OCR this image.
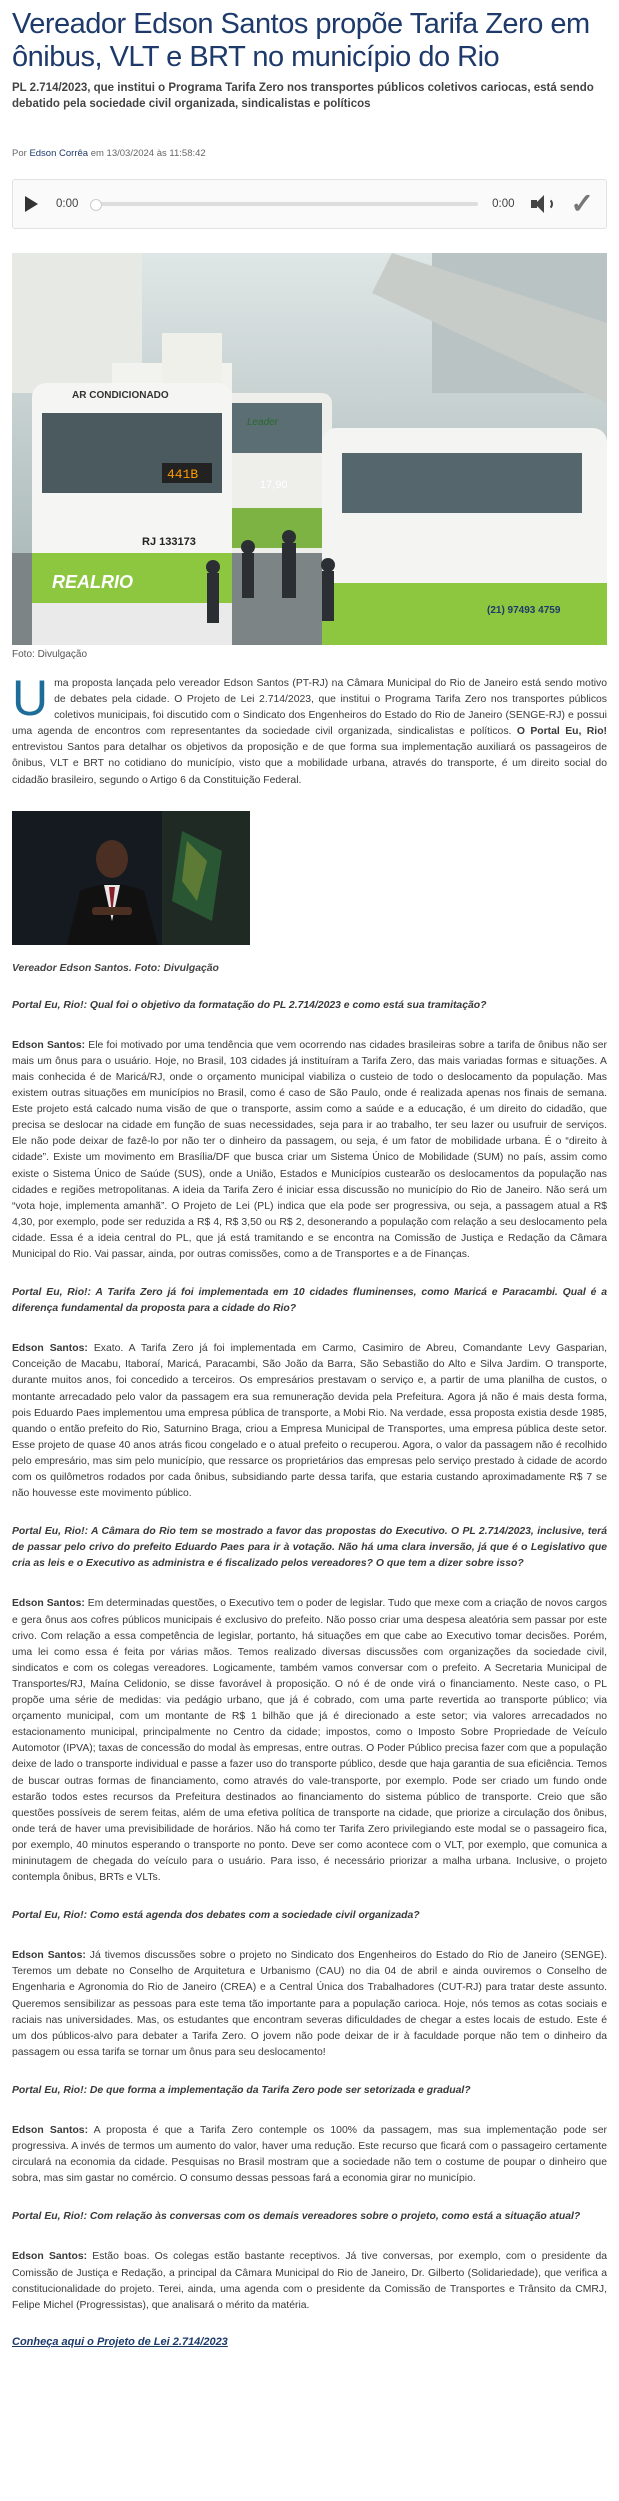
Vereador Edson Santos propõe Tarifa Zero em ônibus, VLT e BRT no município do Rio

PL 2.714/2023, que institui o Programa Tarifa Zero nos transportes públicos coletivos cariocas, está sendo debatido pela sociedade civil organizada, sindicalistas e políticos

Por Edson Corrêa em 13/03/2024 às 11:58:42
0:00	0:00 ✓
AR CONDICIONADO
441B
RJ 133173
REALRIO
Leader
17,90
(21) 97493 4759
Foto: Divulgação

U ma proposta lançada pelo vereador Edson Santos (PT-RJ) na Câmara Municipal do Rio de Janeiro está sendo motivo de debates pela cidade. O Projeto de Lei 2.714/2023, que institui o Programa Tarifa Zero nos transportes públicos coletivos municipais, foi discutido com o Sindicato dos Engenheiros do Estado do Rio de Janeiro (SENGE-RJ) e possui uma agenda de encontros com representantes da sociedade civil organizada, sindicalistas e políticos. O Portal Eu, Rio! entrevistou Santos para detalhar os objetivos da proposição e de que forma sua implementação auxiliará os passageiros de ônibus, VLT e BRT no cotidiano do município, visto que a mobilidade urbana, através do transporte, é um direito social do cidadão brasileiro, segundo o Artigo 6 da Constituição Federal.

Vereador Edson Santos. Foto: Divulgação

Portal Eu, Rio!: Qual foi o objetivo da formatação do PL 2.714/2023 e como está sua tramitação?

Edson Santos: Ele foi motivado por uma tendência que vem ocorrendo nas cidades brasileiras sobre a tarifa de ônibus não ser mais um ônus para o usuário. Hoje, no Brasil, 103 cidades já instituíram a Tarifa Zero, das mais variadas formas e situações. A mais conhecida é de Maricá/RJ, onde o orçamento municipal viabiliza o custeio de todo o deslocamento da população. Mas existem outras situações em municípios no Brasil, como é caso de São Paulo, onde é realizada apenas nos finais de semana. Este projeto está calcado numa visão de que o transporte, assim como a saúde e a educação, é um direito do cidadão, que precisa se deslocar na cidade em função de suas necessidades, seja para ir ao trabalho, ter seu lazer ou usufruir de serviços. Ele não pode deixar de fazê-lo por não ter o dinheiro da passagem, ou seja, é um fator de mobilidade urbana. É o “direito à cidade”. Existe um movimento em Brasília/DF que busca criar um Sistema Único de Mobilidade (SUM) no país, assim como existe o Sistema Único de Saúde (SUS), onde a União, Estados e Municípios custearão os deslocamentos da população nas cidades e regiões metropolitanas. A ideia da Tarifa Zero é iniciar essa discussão no município do Rio de Janeiro. Não será um “vota hoje, implementa amanhã”. O Projeto de Lei (PL) indica que ela pode ser progressiva, ou seja, a passagem atual a R$ 4,30, por exemplo, pode ser reduzida a R$ 4, R$ 3,50 ou R$ 2, desonerando a população com relação a seu deslocamento pela cidade. Essa é a ideia central do PL, que já está tramitando e se encontra na Comissão de Justiça e Redação da Câmara Municipal do Rio. Vai passar, ainda, por outras comissões, como a de Transportes e a de Finanças.

Portal Eu, Rio!: A Tarifa Zero já foi implementada em 10 cidades fluminenses, como Maricá e Paracambi. Qual é a diferença fundamental da proposta para a cidade do Rio?

Edson Santos: Exato. A Tarifa Zero já foi implementada em Carmo, Casimiro de Abreu, Comandante Levy Gasparian, Conceição de Macabu, Itaboraí, Maricá, Paracambi, São João da Barra, São Sebastião do Alto e Silva Jardim. O transporte, durante muitos anos, foi concedido a terceiros. Os empresários prestavam o serviço e, a partir de uma planilha de custos, o montante arrecadado pelo valor da passagem era sua remuneração devida pela Prefeitura. Agora já não é mais desta forma, pois Eduardo Paes implementou uma empresa pública de transporte, a Mobi Rio. Na verdade, essa proposta existia desde 1985, quando o então prefeito do Rio, Saturnino Braga, criou a Empresa Municipal de Transportes, uma empresa pública deste setor. Esse projeto de quase 40 anos atrás ficou congelado e o atual prefeito o recuperou. Agora, o valor da passagem não é recolhido pelo empresário, mas sim pelo município, que ressarce os proprietários das empresas pelo serviço prestado à cidade de acordo com os quilômetros rodados por cada ônibus, subsidiando parte dessa tarifa, que estaria custando aproximadamente R$ 7 se não houvesse este movimento público.

Portal Eu, Rio!: A Câmara do Rio tem se mostrado a favor das propostas do Executivo. O PL 2.714/2023, inclusive, terá de passar pelo crivo do prefeito Eduardo Paes para ir à votação. Não há uma clara inversão, já que é o Legislativo que cria as leis e o Executivo as administra e é fiscalizado pelos vereadores? O que tem a dizer sobre isso?

Edson Santos: Em determinadas questões, o Executivo tem o poder de legislar. Tudo que mexe com a criação de novos cargos e gera ônus aos cofres públicos municipais é exclusivo do prefeito. Não posso criar uma despesa aleatória sem passar por este crivo. Com relação a essa competência de legislar, portanto, há situações em que cabe ao Executivo tomar decisões. Porém, uma lei como essa é feita por várias mãos. Temos realizado diversas discussões com organizações da sociedade civil, sindicatos e com os colegas vereadores. Logicamente, também vamos conversar com o prefeito. A Secretaria Municipal de Transportes/RJ, Maína Celidonio, se disse favorável à proposição. O nó é de onde virá o financiamento. Neste caso, o PL propõe uma série de medidas: via pedágio urbano, que já é cobrado, com uma parte revertida ao transporte público; via orçamento municipal, com um montante de R$ 1 bilhão que já é direcionado a este setor; via valores arrecadados no estacionamento municipal, principalmente no Centro da cidade; impostos, como o Imposto Sobre Propriedade de Veículo Automotor (IPVA); taxas de concessão do modal às empresas, entre outras. O Poder Público precisa fazer com que a população deixe de lado o transporte individual e passe a fazer uso do transporte público, desde que haja garantia de sua eficiência. Temos de buscar outras formas de financiamento, como através do vale-transporte, por exemplo. Pode ser criado um fundo onde estarão todos estes recursos da Prefeitura destinados ao financiamento do sistema público de transporte. Creio que são questões possíveis de serem feitas, além de uma efetiva política de transporte na cidade, que priorize a circulação dos ônibus, onde terá de haver uma previsibilidade de horários. Não há como ter Tarifa Zero privilegiando este modal se o passageiro fica, por exemplo, 40 minutos esperando o transporte no ponto. Deve ser como acontece com o VLT, por exemplo, que comunica a mininutagem de chegada do veículo para o usuário. Para isso, é necessário priorizar a malha urbana. Inclusive, o projeto contempla ônibus, BRTs e VLTs.

Portal Eu, Rio!: Como está agenda dos debates com a sociedade civil organizada?

Edson Santos: Já tivemos discussões sobre o projeto no Sindicato dos Engenheiros do Estado do Rio de Janeiro (SENGE). Teremos um debate no Conselho de Arquitetura e Urbanismo (CAU) no dia 04 de abril e ainda ouviremos o Conselho de Engenharia e Agronomia do Rio de Janeiro (CREA) e a Central Única dos Trabalhadores (CUT-RJ) para tratar deste assunto. Queremos sensibilizar as pessoas para este tema tão importante para a população carioca. Hoje, nós temos as cotas sociais e raciais nas universidades. Mas, os estudantes que encontram severas dificuldades de chegar a estes locais de estudo. Este é um dos públicos-alvo para debater a Tarifa Zero. O jovem não pode deixar de ir à faculdade porque não tem o dinheiro da passagem ou essa tarifa se tornar um ônus para seu deslocamento!

Portal Eu, Rio!: De que forma a implementação da Tarifa Zero pode ser setorizada e gradual?

Edson Santos: A proposta é que a Tarifa Zero contemple os 100% da passagem, mas sua implementação pode ser progressiva. A invés de termos um aumento do valor, haver uma redução. Este recurso que ficará com o passageiro certamente circulará na economia da cidade. Pesquisas no Brasil mostram que a sociedade não tem o costume de poupar o dinheiro que sobra, mas sim gastar no comércio. O consumo dessas pessoas fará a economia girar no município.

Portal Eu, Rio!: Com relação às conversas com os demais vereadores sobre o projeto, como está a situação atual?

Edson Santos: Estão boas. Os colegas estão bastante receptivos. Já tive conversas, por exemplo, com o presidente da Comissão de Justiça e Redação, a principal da Câmara Municipal do Rio de Janeiro, Dr. Gilberto (Solidariedade), que verifica a constitucionalidade do projeto. Terei, ainda, uma agenda com o presidente da Comissão de Transportes e Trânsito da CMRJ, Felipe Michel (Progressistas), que analisará o mérito da matéria.

Conheça aqui o Projeto de Lei 2.714/2023
